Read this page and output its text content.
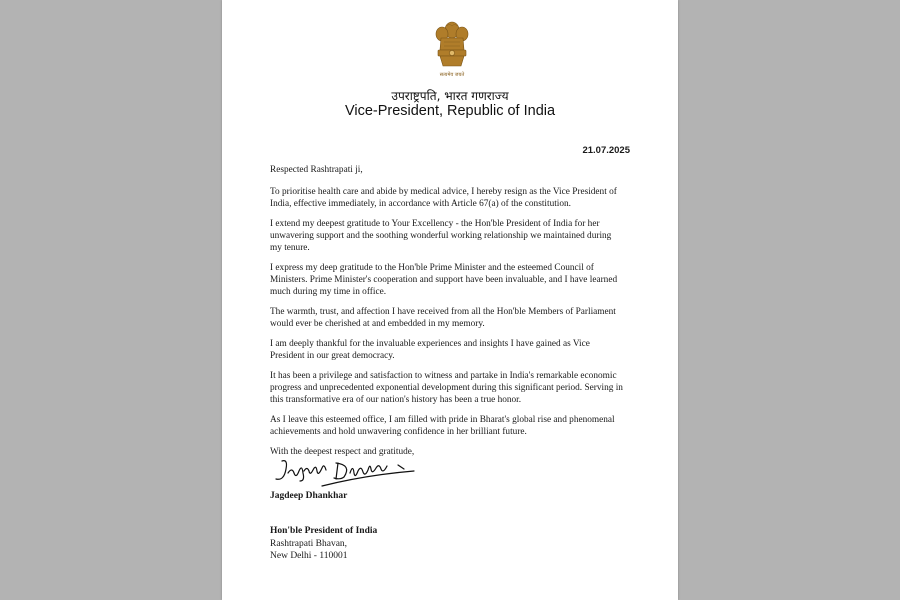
सत्यमेव जयते
उपराष्ट्रपति, भारत गणराज्य
Vice-President, Republic of India
21.07.2025

Respected Rashtrapati ji,

To prioritise health care and abide by medical advice, I hereby resign as the Vice President of India, effective immediately, in accordance with Article 67(a) of the constitution.

I extend my deepest gratitude to Your Excellency - the Hon'ble President of India for her unwavering support and the soothing wonderful working relationship we maintained during my tenure.

I express my deep gratitude to the Hon'ble Prime Minister and the esteemed Council of Ministers. Prime Minister's cooperation and support have been invaluable, and I have learned much during my time in office.

The warmth, trust, and affection I have received from all the Hon'ble Members of Parliament would ever be cherished at and embedded in my memory.

I am deeply thankful for the invaluable experiences and insights I have gained as Vice President in our great democracy.

It has been a privilege and satisfaction to witness and partake in India's remarkable economic progress and unprecedented exponential development during this significant period. Serving in this transformative era of our nation's history has been a true honor.

As I leave this esteemed office, I am filled with pride in Bharat's global rise and phenomenal achievements and hold unwavering confidence in her brilliant future.

With the deepest respect and gratitude,

Jagdeep Dhankhar
Hon'ble President of India
Rashtrapati Bhavan,
New Delhi - 110001
